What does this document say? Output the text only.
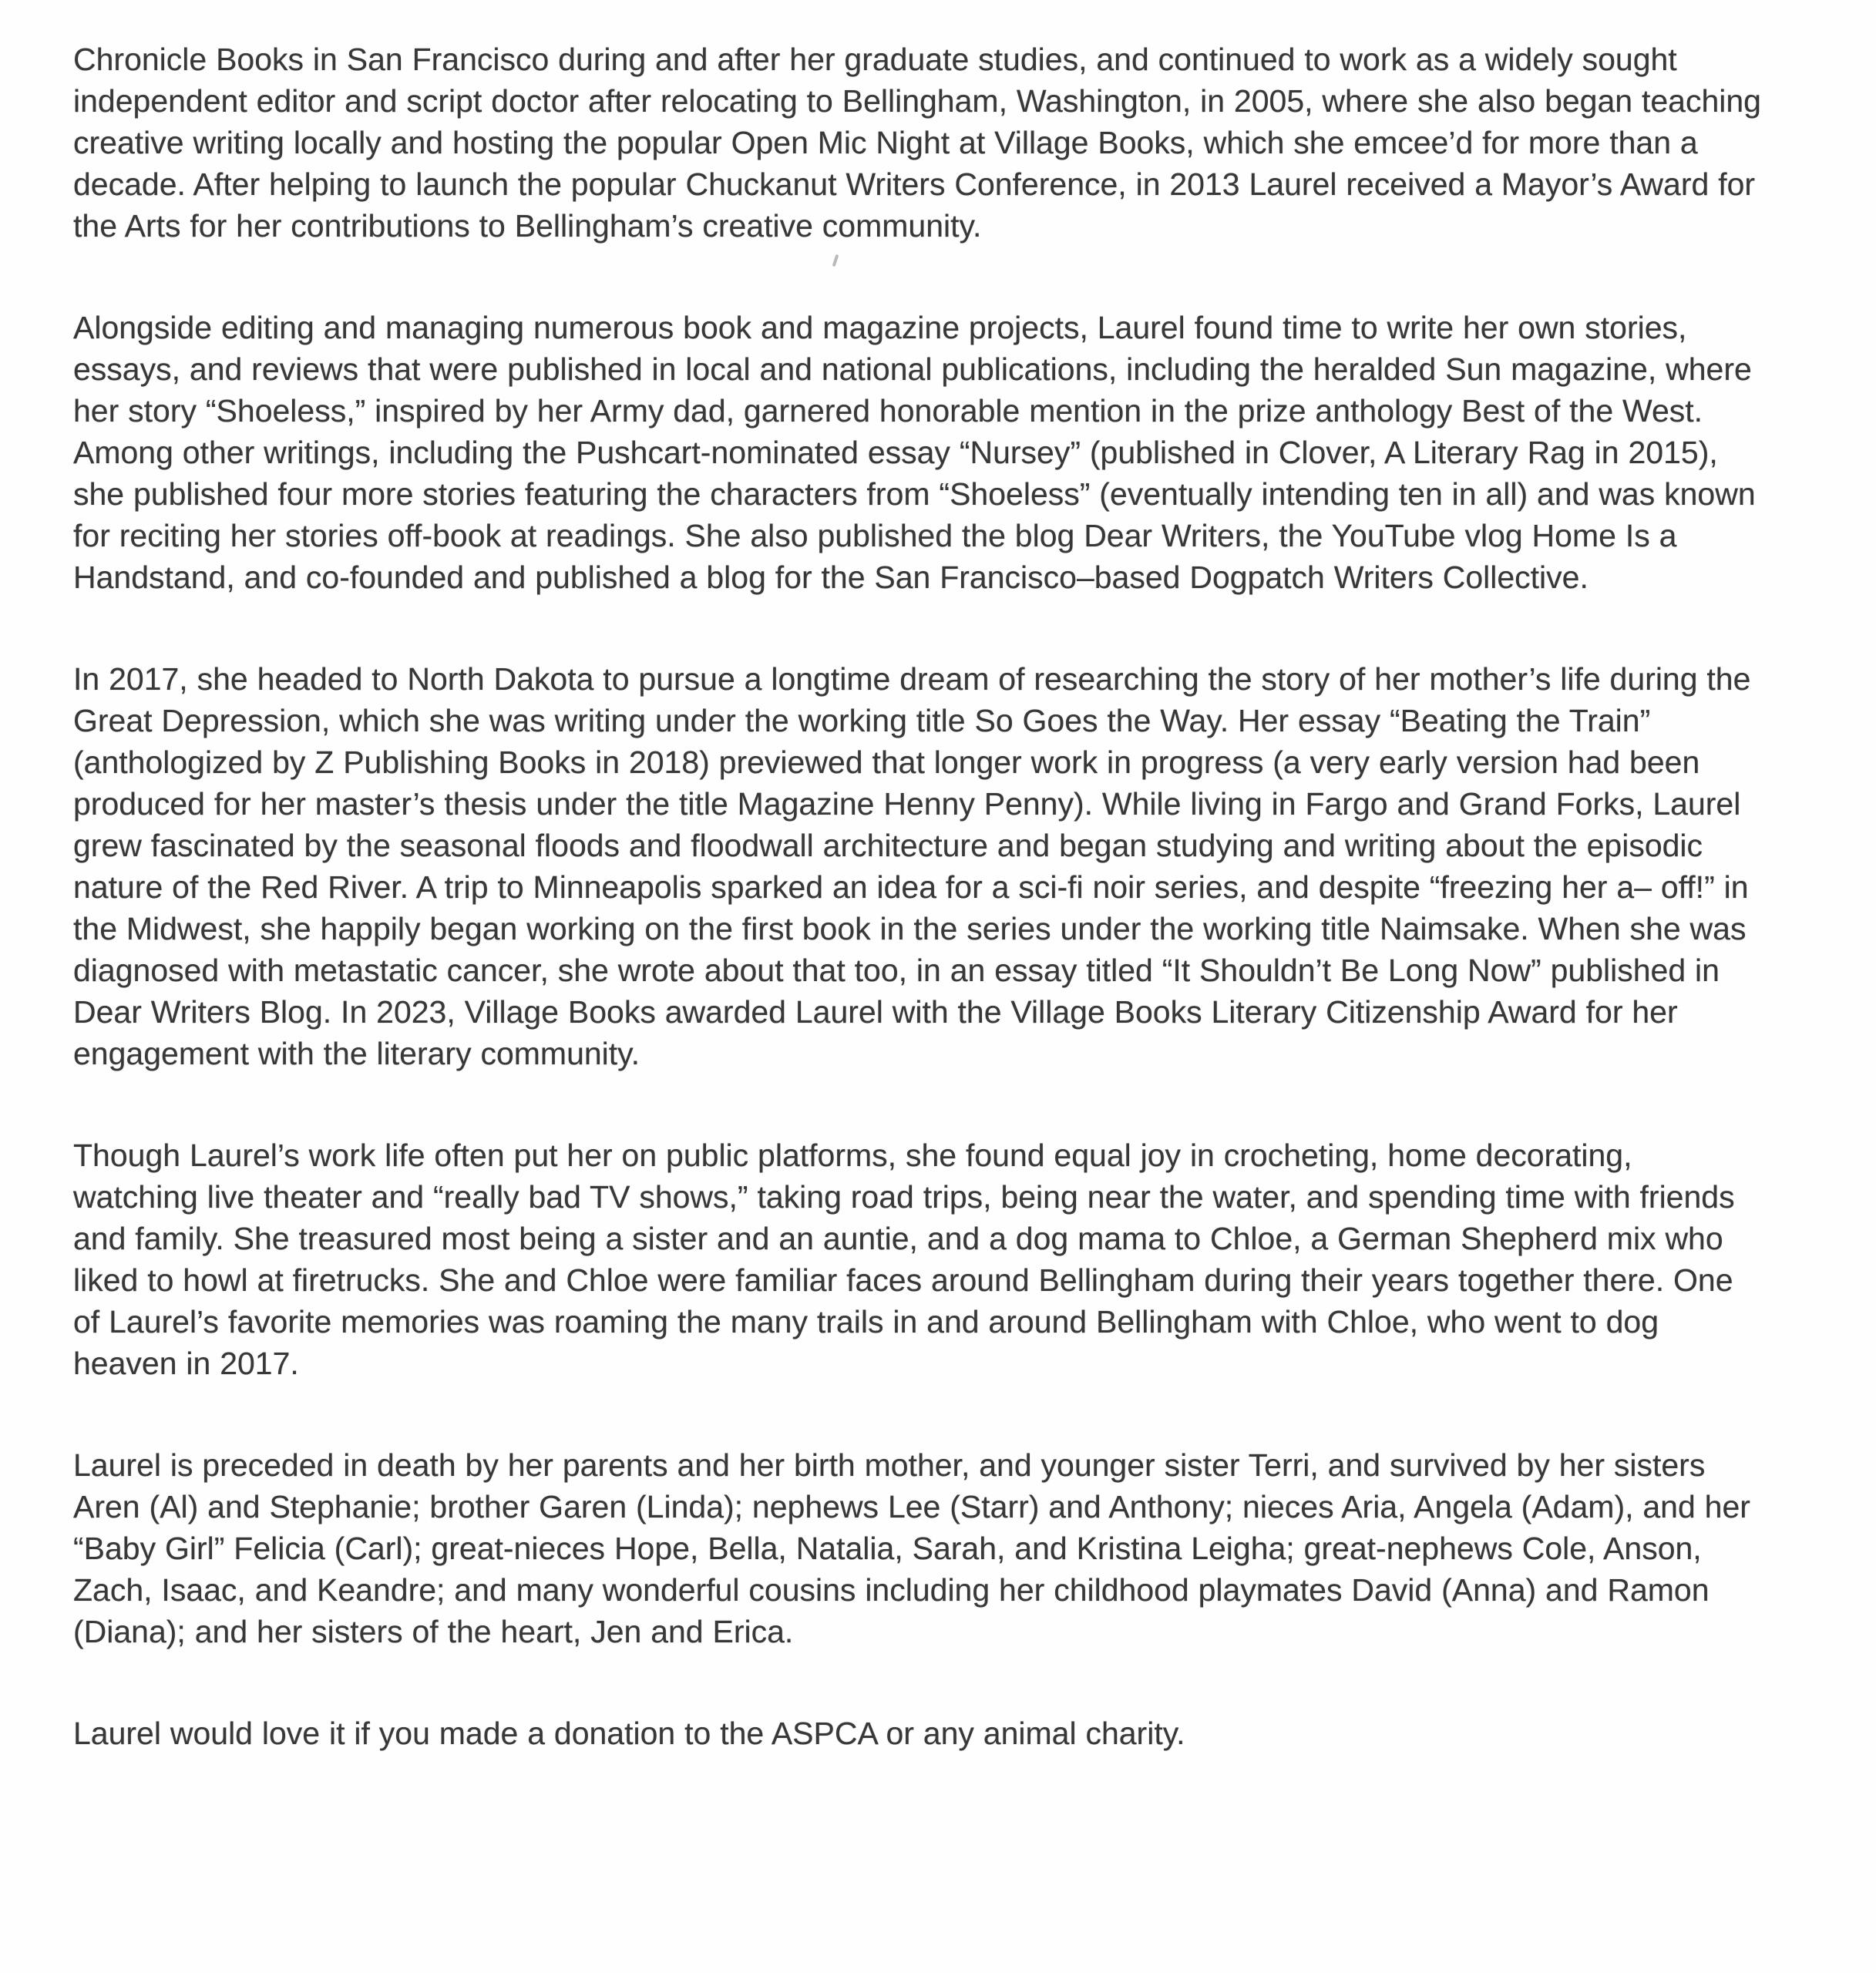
Chronicle Books in San Francisco during and after her graduate studies, and continued to work as a widely sought independent editor and script doctor after relocating to Bellingham, Washington, in 2005, where she also began teaching creative writing locally and hosting the popular Open Mic Night at Village Books, which she emcee’d for more than a decade. After helping to launch the popular Chuckanut Writers Conference, in 2013 Laurel received a Mayor’s Award for the Arts for her contributions to Bellingham’s creative community.

Alongside editing and managing numerous book and magazine projects, Laurel found time to write her own stories, essays, and reviews that were published in local and national publications, including the heralded Sun magazine, where her story “Shoeless,” inspired by her Army dad, garnered honorable mention in the prize anthology Best of the West. Among other writings, including the Pushcart-nominated essay “Nursey” (published in Clover, A Literary Rag in 2015), she published four more stories featuring the characters from “Shoeless” (eventually intending ten in all) and was known for reciting her stories off-book at readings. She also published the blog Dear Writers, the YouTube vlog Home Is a Handstand, and co-founded and published a blog for the San Francisco–based Dogpatch Writers Collective.

In 2017, she headed to North Dakota to pursue a longtime dream of researching the story of her mother’s life during the Great Depression, which she was writing under the working title So Goes the Way. Her essay “Beating the Train” (anthologized by Z Publishing Books in 2018) previewed that longer work in progress (a very early version had been produced for her master’s thesis under the title Magazine Henny Penny). While living in Fargo and Grand Forks, Laurel grew fascinated by the seasonal floods and floodwall architecture and began studying and writing about the episodic nature of the Red River. A trip to Minneapolis sparked an idea for a sci-fi noir series, and despite “freezing her a– off!” in the Midwest, she happily began working on the first book in the series under the working title Naimsake. When she was diagnosed with metastatic cancer, she wrote about that too, in an essay titled “It Shouldn’t Be Long Now” published in Dear Writers Blog. In 2023, Village Books awarded Laurel with the Village Books Literary Citizenship Award for her engagement with the literary community.

Though Laurel’s work life often put her on public platforms, she found equal joy in crocheting, home decorating, watching live theater and “really bad TV shows,” taking road trips, being near the water, and spending time with friends and family. She treasured most being a sister and an auntie, and a dog mama to Chloe, a German Shepherd mix who liked to howl at firetrucks. She and Chloe were familiar faces around Bellingham during their years together there. One of Laurel’s favorite memories was roaming the many trails in and around Bellingham with Chloe, who went to dog heaven in 2017.

Laurel is preceded in death by her parents and her birth mother, and younger sister Terri, and survived by her sisters Aren (Al) and Stephanie; brother Garen (Linda); nephews Lee (Starr) and Anthony; nieces Aria, Angela (Adam), and her “Baby Girl” Felicia (Carl); great-nieces Hope, Bella, Natalia, Sarah, and Kristina Leigha; great-nephews Cole, Anson, Zach, Isaac, and Keandre; and many wonderful cousins including her childhood playmates David (Anna) and Ramon (Diana); and her sisters of the heart, Jen and Erica.

Laurel would love it if you made a donation to the ASPCA or any animal charity.
